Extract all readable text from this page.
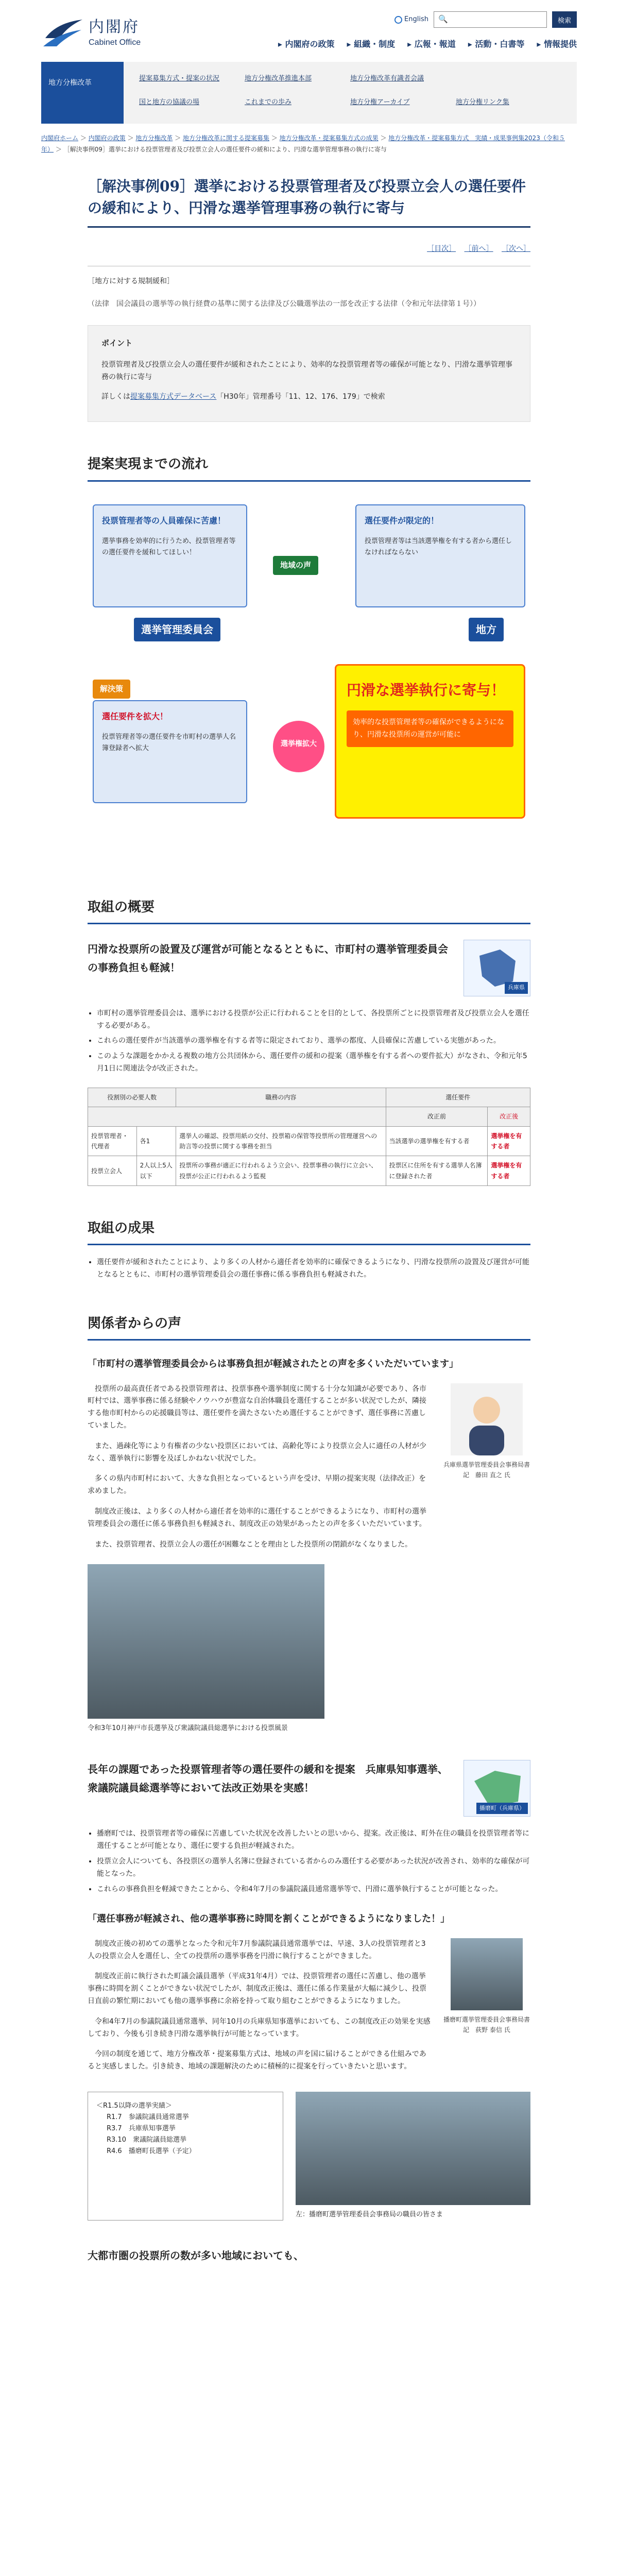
内閣府
Cabinet Office
English 🔍	検索
▸ 内閣府の政策	▸ 組織・制度	▸ 広報・報道	▸ 活動・白書等	▸ 情報提供
地方分権改革
提案募集方式・提案の状況	地方分権改革推進本部	地方分権改革有識者会議
国と地方の協議の場	これまでの歩み	地方分権アーカイブ	地方分権リンク集
内閣府ホーム ＞ 内閣府の政策 ＞ 地方分権改革 ＞ 地方分権改革に関する提案募集 ＞ 地方分権改革・提案募集方式の成果 ＞ 地方分権改革・提案募集方式　実績・成果事例集2023（令和５年） ＞ ［解決事例09］選挙における投票管理者及び投票立会人の選任要件の緩和により、円滑な選挙管理事務の執行に寄与
［解決事例09］選挙における投票管理者及び投票立会人の選任要件の緩和により、円滑な選挙管理事務の執行に寄与
［目次］ ［前へ］ ［次へ］
［地方に対する規制緩和］
（法律　国会議員の選挙等の執行経費の基準に関する法律及び公職選挙法の一部を改正する法律（令和元年法律第１号））
ポイント

投票管理者及び投票立会人の選任要件が緩和されたことにより、効率的な投票管理者等の確保が可能となり、円滑な選挙管理事務の執行に寄与

詳しくは提案募集方式データベース「H30年」管理番号「11、12、176、179」で検索

提案実現までの流れ
投票管理者等の人員確保に苦慮！
選挙事務を効率的に行うため、投票管理者等の選任要件を緩和してほしい！
選挙管理委員会
選任要件が限定的！
投票管理者等は当該選挙権を有する者から選任しなければならない
地方
地域の声
解決策
選任要件を拡大！
投票管理者等の選任要件を市町村の選挙人名簿登録者へ拡大
選挙権拡大
円滑な選挙執行に寄与！
効率的な投票管理者等の確保ができるようになり、円滑な投票所の運営が可能に
取組の概要
円滑な投票所の設置及び運営が可能となるとともに、市町村の選挙管理委員会の事務負担も軽減！
兵庫県
• 市町村の選挙管理委員会は、選挙における投票が公正に行われることを目的として、各投票所ごとに投票管理者及び投票立会人を選任する必要がある。
• これらの選任要件が当該選挙の選挙権を有する者等に限定されており、選挙の都度、人員確保に苦慮している実態があった。
• このような課題をかかえる複数の地方公共団体から、選任要件の緩和の提案（選挙権を有する者への要件拡大）がなされ、令和元年5月1日に関連法令が改正された。
役割別の必要人数		職務の内容	選任要件	
			改正前	改正後
投票管理者・代理者	各1	選挙人の確認、投票用紙の交付、投票箱の保管等投票所の管理運営への助言等の投票に関する事務を担当	当該選挙の選挙権を有する者	選挙権を有する者
投票立会人	2人以上5人以下	投票所の事務が適正に行われるよう立会い、投票事務の執行に立会い、投票が公正に行われるよう監視	投票区に住所を有する選挙人名簿に登録された者	選挙権を有する者
取組の成果
• 選任要件が緩和されたことにより、より多くの人材から適任者を効率的に確保できるようになり、円滑な投票所の設置及び運営が可能となるとともに、市町村の選挙管理委員会の選任事務に係る事務負担も軽減された。
関係者からの声
「市町村の選挙管理委員会からは事務負担が軽減されたとの声を多くいただいています」

投票所の最高責任者である投票管理者は、投票事務や選挙制度に関する十分な知識が必要であり、各市町村では、選挙事務に係る経験やノウハウが豊富な自治体職員を選任することが多い状況でしたが、隣接する他市町村からの応援職員等は、選任要件を満たさないため選任することができず、選任事務に苦慮していました。

また、過疎化等により有権者の少ない投票区においては、高齢化等により投票立会人に適任の人材が少なく、選挙執行に影響を及ぼしかねない状況でした。

多くの県内市町村において、大きな負担となっているという声を受け、早期の提案実現（法律改正）を求めました。

制度改正後は、より多くの人材から適任者を効率的に選任することができるようになり、市町村の選挙管理委員会の選任に係る事務負担も軽減され、制度改正の効果があったとの声を多くいただいています。

また、投票管理者、投票立会人の選任が困難なことを理由とした投票所の閉鎖がなくなりました。

兵庫県選挙管理委員会事務局書記　藤田 直之 氏
令和3年10月神戸市長選挙及び衆議院議員総選挙における投票風景
長年の課題であった投票管理者等の選任要件の緩和を提案　兵庫県知事選挙、衆議院議員総選挙等において法改正効果を実感！
播磨町（兵庫県）
• 播磨町では、投票管理者等の確保に苦慮していた状況を改善したいとの思いから、提案。改正後は、町外在住の職員を投票管理者等に選任することが可能となり、選任に要する負担が軽減された。
• 投票立会人についても、各投票区の選挙人名簿に登録されている者からのみ選任する必要があった状況が改善され、効率的な確保が可能となった。
• これらの事務負担を軽減できたことから、令和4年7月の参議院議員通常選挙等で、円滑に選挙執行することが可能となった。
「選任事務が軽減され、他の選挙事務に時間を割くことができるようになりました！」

制度改正後の初めての選挙となった令和元年7月参議院議員通常選挙では、早速、3人の投票管理者と3人の投票立会人を選任し、全ての投票所の選挙事務を円滑に執行することができました。

制度改正前に執行された町議会議員選挙（平成31年4月）では、投票管理者の選任に苦慮し、他の選挙事務に時間を割くことができない状況でしたが、制度改正後は、選任に係る作業量が大幅に減少し、投票日直前の繁忙期においても他の選挙事務に余裕を持って取り組むことができるようになりました。

令和4年7月の参議院議員通常選挙、同年10月の兵庫県知事選挙においても、この制度改正の効果を実感しており、今後も引き続き円滑な選挙執行が可能となっています。

今回の制度を通じて、地方分権改革・提案募集方式は、地域の声を国に届けることができる仕組みであると実感しました。引き続き、地域の課題解決のために積極的に提案を行っていきたいと思います。

播磨町選挙管理委員会事務局書記　荻野 泰信 氏
＜R1.5以降の選挙実績＞
R1.7　 参議院議員通常選挙
R3.7　 兵庫県知事選挙
R3.10　 衆議院議員総選挙
R4.6　 播磨町長選挙（予定）
左：播磨町選挙管理委員会事務局の職員の皆さま
大都市圏の投票所の数が多い地域においても、
